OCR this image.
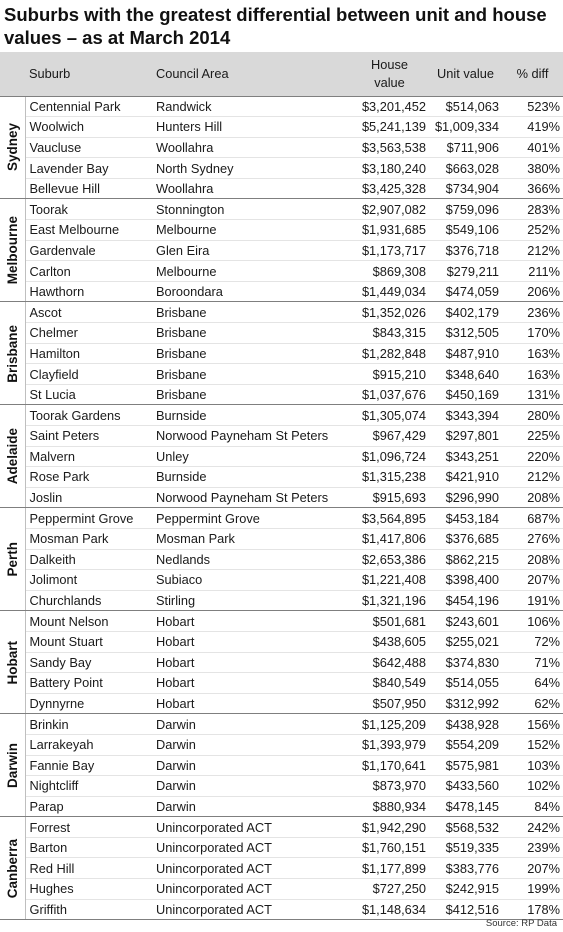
Suburbs with the greatest differential between unit and house values – as at March 2014
	Suburb	Council Area	House value	Unit value	% diff

Sydney	Centennial Park	Randwick	$3,201,452	$514,063	523%
	Woolwich	Hunters Hill	$5,241,139	$1,009,334	419%
	Vaucluse	Woollahra	$3,563,538	$711,906	401%
	Lavender Bay	North Sydney	$3,180,240	$663,028	380%
	Bellevue Hill	Woollahra	$3,425,328	$734,904	366%

Melbourne	Toorak	Stonnington	$2,907,082	$759,096	283%
	East Melbourne	Melbourne	$1,931,685	$549,106	252%
	Gardenvale	Glen Eira	$1,173,717	$376,718	212%
	Carlton	Melbourne	$869,308	$279,211	211%
	Hawthorn	Boroondara	$1,449,034	$474,059	206%

Brisbane	Ascot	Brisbane	$1,352,026	$402,179	236%
	Chelmer	Brisbane	$843,315	$312,505	170%
	Hamilton	Brisbane	$1,282,848	$487,910	163%
	Clayfield	Brisbane	$915,210	$348,640	163%
	St Lucia	Brisbane	$1,037,676	$450,169	131%

Adelaide	Toorak Gardens	Burnside	$1,305,074	$343,394	280%
	Saint Peters	Norwood Payneham St Peters	$967,429	$297,801	225%
	Malvern	Unley	$1,096,724	$343,251	220%
	Rose Park	Burnside	$1,315,238	$421,910	212%
	Joslin	Norwood Payneham St Peters	$915,693	$296,990	208%

Perth	Peppermint Grove	Peppermint Grove	$3,564,895	$453,184	687%
	Mosman Park	Mosman Park	$1,417,806	$376,685	276%
	Dalkeith	Nedlands	$2,653,386	$862,215	208%
	Jolimont	Subiaco	$1,221,408	$398,400	207%
	Churchlands	Stirling	$1,321,196	$454,196	191%

Hobart	Mount Nelson	Hobart	$501,681	$243,601	106%
	Mount Stuart	Hobart	$438,605	$255,021	72%
	Sandy Bay	Hobart	$642,488	$374,830	71%
	Battery Point	Hobart	$840,549	$514,055	64%
	Dynnyrne	Hobart	$507,950	$312,992	62%

Darwin	Brinkin	Darwin	$1,125,209	$438,928	156%
	Larrakeyah	Darwin	$1,393,979	$554,209	152%
	Fannie Bay	Darwin	$1,170,641	$575,981	103%
	Nightcliff	Darwin	$873,970	$433,560	102%
	Parap	Darwin	$880,934	$478,145	84%

Canberra	Forrest	Unincorporated ACT	$1,942,290	$568,532	242%
	Barton	Unincorporated ACT	$1,760,151	$519,335	239%
	Red Hill	Unincorporated ACT	$1,177,899	$383,776	207%
	Hughes	Unincorporated ACT	$727,250	$242,915	199%
	Griffith	Unincorporated ACT	$1,148,634	$412,516	178%
Source: RP Data
